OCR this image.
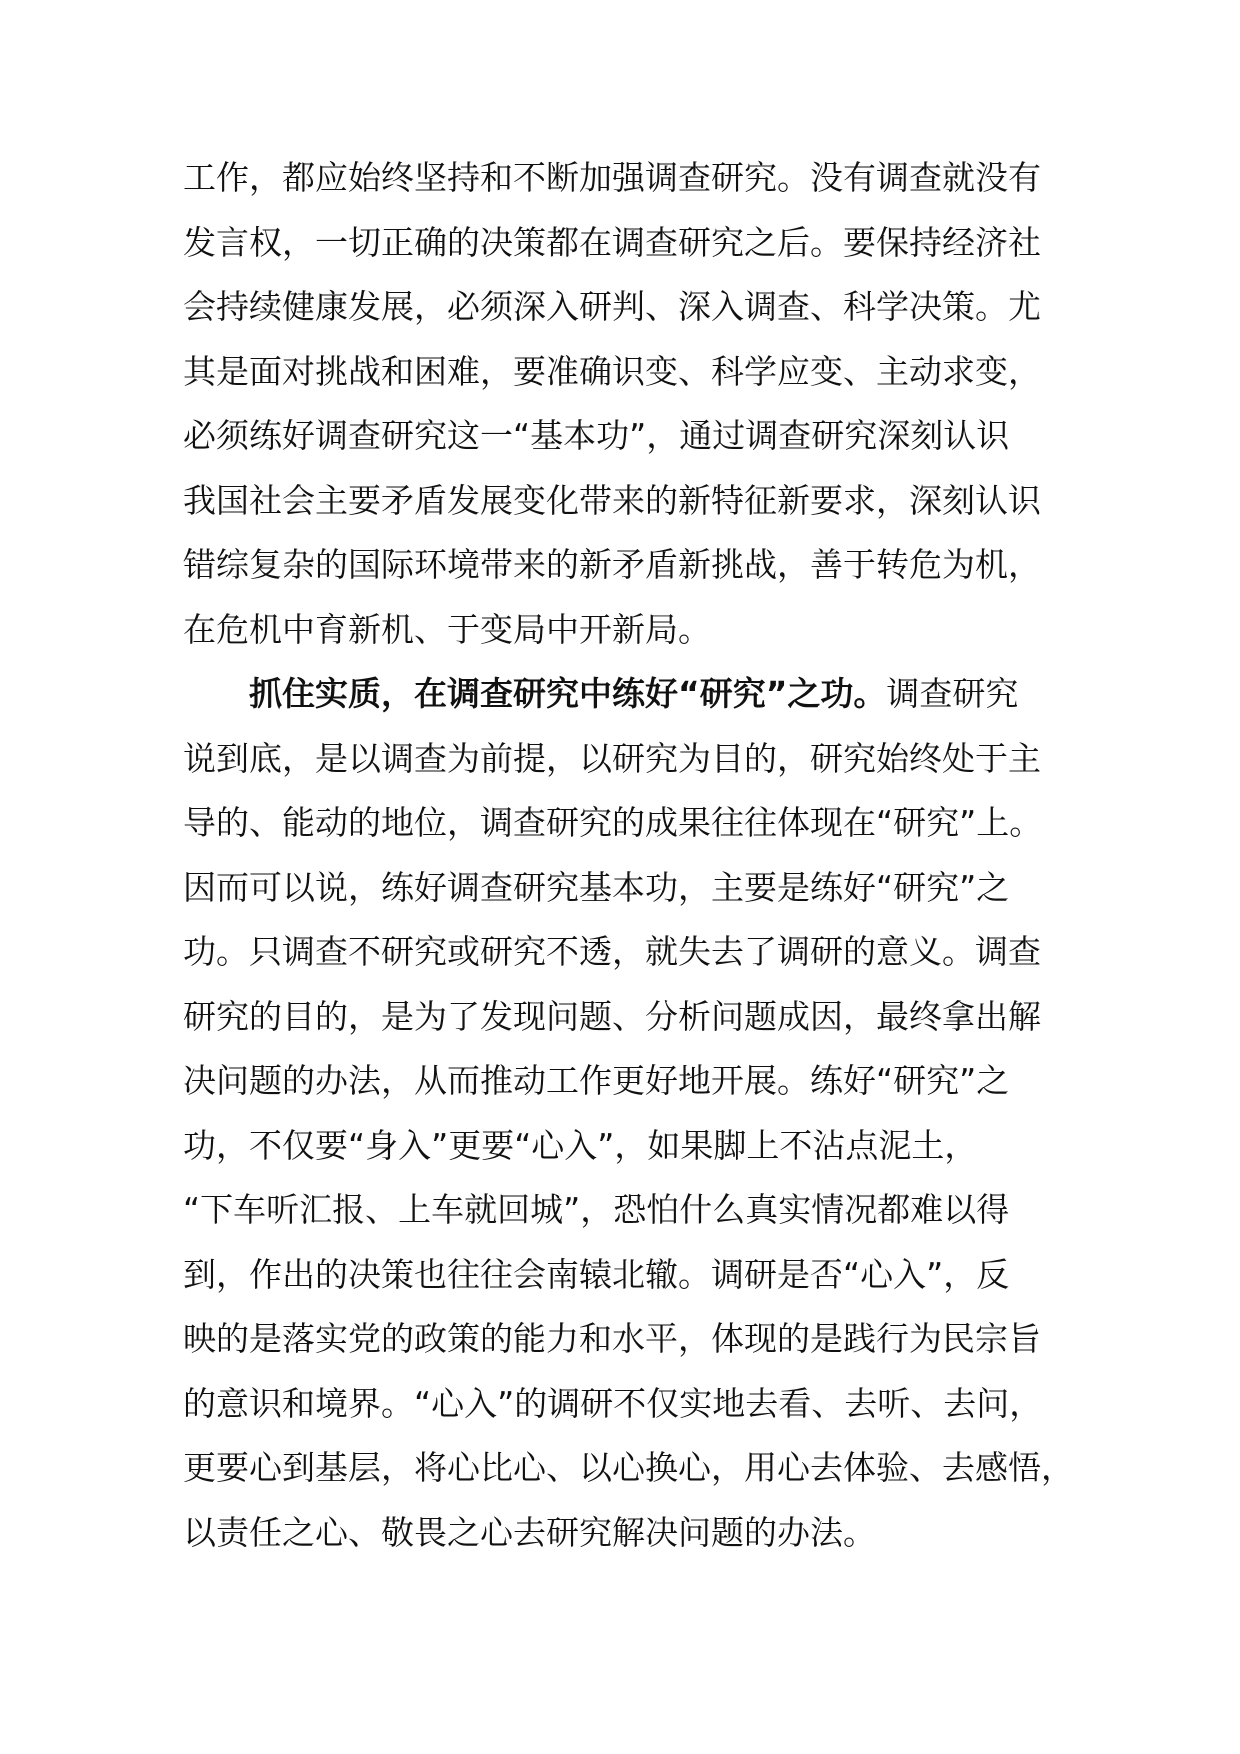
工作，都应始终坚持和不断加强调查研究。没有调查就没有
发言权，一切正确的决策都在调查研究之后。要保持经济社
会持续健康发展，必须深入研判、深入调查、科学决策。尤
其是面对挑战和困难，要准确识变、科学应变、主动求变，
必须练好调查研究这一“基本功”，通过调查研究深刻认识
我国社会主要矛盾发展变化带来的新特征新要求，深刻认识
错综复杂的国际环境带来的新矛盾新挑战，善于转危为机，
在危机中育新机、于变局中开新局。
抓住实质，在调查研究中练好“研究”之功。调查研究
说到底，是以调查为前提，以研究为目的，研究始终处于主
导的、能动的地位，调查研究的成果往往体现在“研究”上。
因而可以说，练好调查研究基本功，主要是练好“研究”之
功。只调查不研究或研究不透，就失去了调研的意义。调查
研究的目的，是为了发现问题、分析问题成因，最终拿出解
决问题的办法，从而推动工作更好地开展。练好“研究”之
功，不仅要“身入”更要“心入”，如果脚上不沾点泥土，
“下车听汇报、上车就回城”，恐怕什么真实情况都难以得
到，作出的决策也往往会南辕北辙。调研是否“心入”，反
映的是落实党的政策的能力和水平，体现的是践行为民宗旨
的意识和境界。“心入”的调研不仅实地去看、去听、去问，
更要心到基层，将心比心、以心换心，用心去体验、去感悟，
以责任之心、敬畏之心去研究解决问题的办法。
